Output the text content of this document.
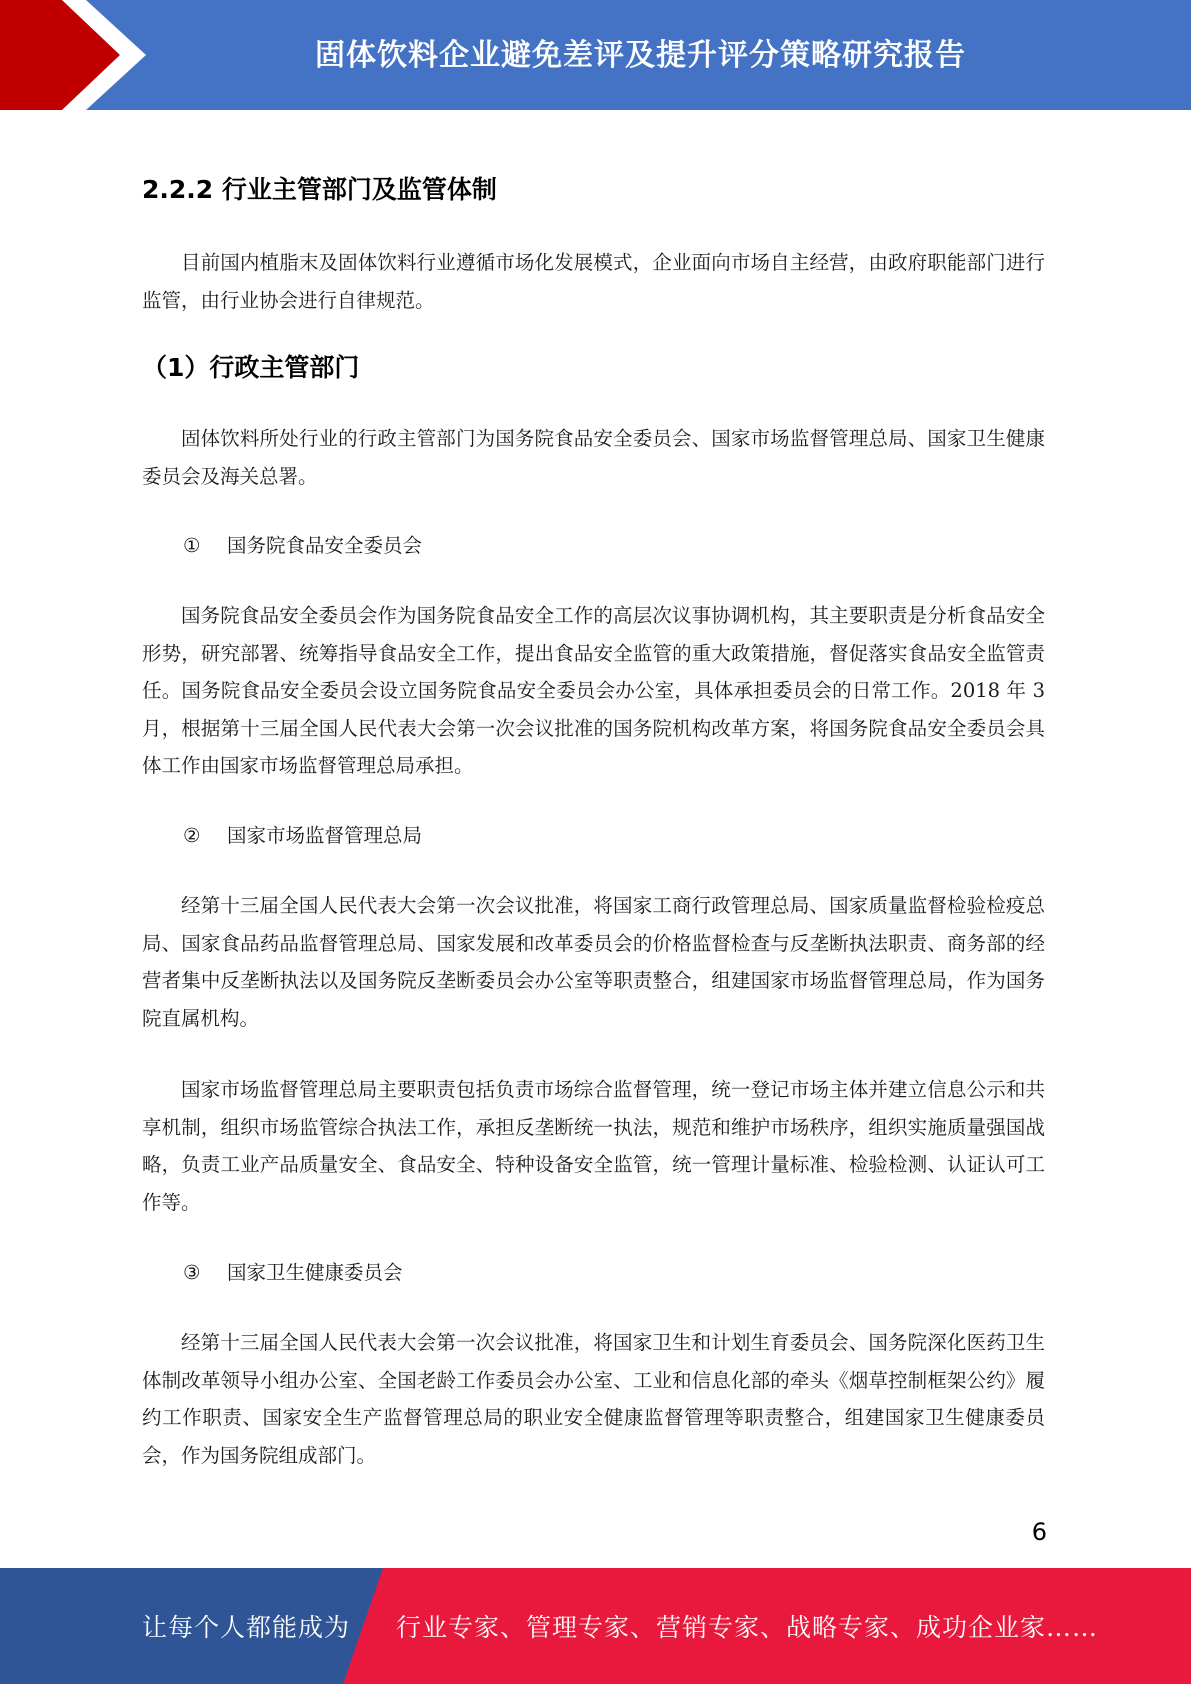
固体饮料企业避免差评及提升评分策略研究报告
2.2.2 行业主管部门及监管体制

目前国内植脂末及固体饮料行业遵循市场化发展模式，企业面向市场自主经营，由政府职能部门进行监管，由行业协会进行自律规范。

（1）行政主管部门

固体饮料所处行业的行政主管部门为国务院食品安全委员会、国家市场监督管理总局、国家卫生健康委员会及海关总署。

① 国务院食品安全委员会

国务院食品安全委员会作为国务院食品安全工作的高层次议事协调机构，其主要职责是分析食品安全形势，研究部署、统筹指导食品安全工作，提出食品安全监管的重大政策措施，督促落实食品安全监管责任。国务院食品安全委员会设立国务院食品安全委员会办公室，具体承担委员会的日常工作。2018 年 3 月，根据第十三届全国人民代表大会第一次会议批准的国务院机构改革方案，将国务院食品安全委员会具体工作由国家市场监督管理总局承担。

② 国家市场监督管理总局

经第十三届全国人民代表大会第一次会议批准，将国家工商行政管理总局、国家质量监督检验检疫总局、国家食品药品监督管理总局、国家发展和改革委员会的价格监督检查与反垄断执法职责、商务部的经营者集中反垄断执法以及国务院反垄断委员会办公室等职责整合，组建国家市场监督管理总局，作为国务院直属机构。

国家市场监督管理总局主要职责包括负责市场综合监督管理，统一登记市场主体并建立信息公示和共享机制，组织市场监管综合执法工作，承担反垄断统一执法，规范和维护市场秩序，组织实施质量强国战略，负责工业产品质量安全、食品安全、特种设备安全监管，统一管理计量标准、检验检测、认证认可工作等。

③ 国家卫生健康委员会

经第十三届全国人民代表大会第一次会议批准，将国家卫生和计划生育委员会、国务院深化医药卫生体制改革领导小组办公室、全国老龄工作委员会办公室、工业和信息化部的牵头《烟草控制框架公约》履约工作职责、国家安全生产监督管理总局的职业安全健康监督管理等职责整合，组建国家卫生健康委员会，作为国务院组成部门。

6
让每个人都能成为 行业专家、管理专家、营销专家、战略专家、成功企业家……
